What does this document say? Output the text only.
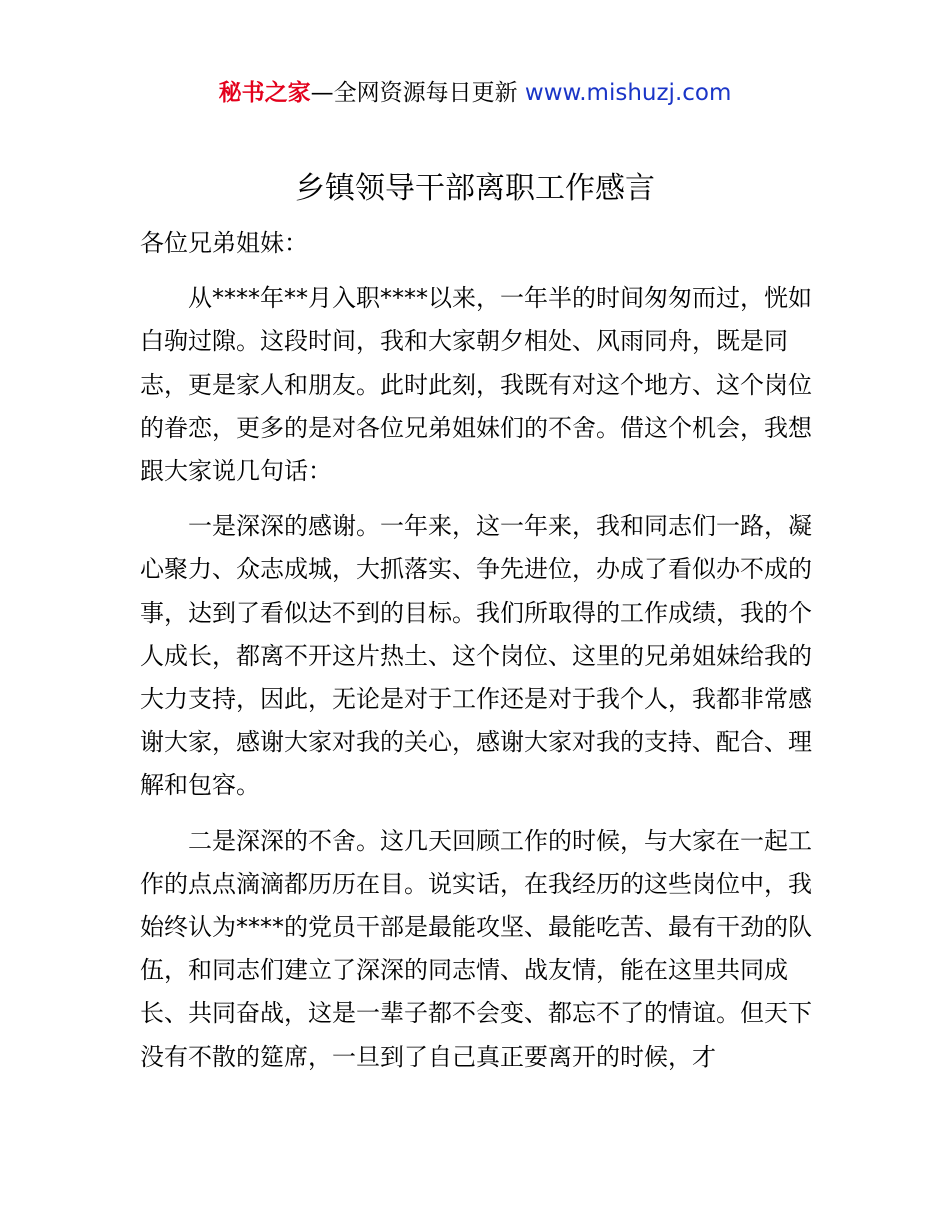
秘书之家—全网资源每日更新 www.mishuzj.com
乡镇领导干部离职工作感言

各位兄弟姐妹：

从****年**月入职****以来，一年半的时间匆匆而过，恍如白驹过隙。这段时间，我和大家朝夕相处、风雨同舟，既是同志，更是家人和朋友。此时此刻，我既有对这个地方、这个岗位的眷恋，更多的是对各位兄弟姐妹们的不舍。借这个机会，我想跟大家说几句话：

一是深深的感谢。一年来，这一年来，我和同志们一路，凝心聚力、众志成城，大抓落实、争先进位，办成了看似办不成的事，达到了看似达不到的目标。我们所取得的工作成绩，我的个人成长，都离不开这片热土、这个岗位、这里的兄弟姐妹给我的大力支持，因此，无论是对于工作还是对于我个人，我都非常感谢大家，感谢大家对我的关心，感谢大家对我的支持、配合、理解和包容。

二是深深的不舍。这几天回顾工作的时候，与大家在一起工作的点点滴滴都历历在目。说实话，在我经历的这些岗位中，我始终认为****的党员干部是最能攻坚、最能吃苦、最有干劲的队伍，和同志们建立了深深的同志情、战友情，能在这里共同成长、共同奋战，这是一辈子都不会变、都忘不了的情谊。但天下没有不散的筵席，一旦到了自己真正要离开的时候，才
